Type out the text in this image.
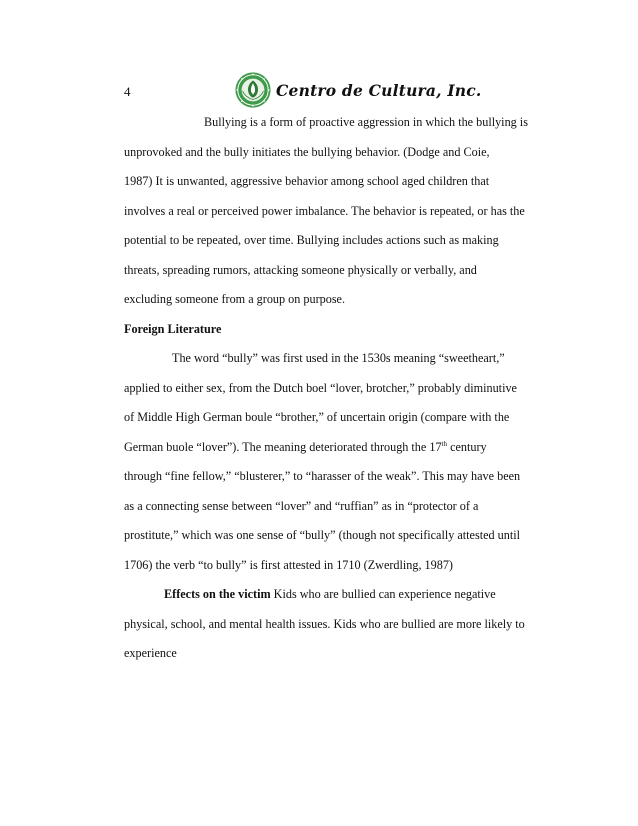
4	Centro de Cultura, Inc.
Bullying is a form of proactive aggression in which the bullying is
unprovoked and the bully initiates the bullying behavior. (Dodge and Coie,
1987) It is unwanted, aggressive behavior among school aged children that
involves a real or perceived power imbalance. The behavior is repeated, or has the
potential to be repeated, over time. Bullying includes actions such as making
threats, spreading rumors, attacking someone physically or verbally, and
excluding someone from a group on purpose.
Foreign Literature
The word “bully” was first used in the 1530s meaning “sweetheart,”
applied to either sex, from the Dutch boel “lover, brotcher,” probably diminutive
of Middle High German boule “brother,” of uncertain origin (compare with the
German buole “lover”). The meaning deteriorated through the 17th century
through “fine fellow,” “blusterer,” to “harasser of the weak”. This may have been
as a connecting sense between “lover” and “ruffian” as in “protector of a
prostitute,” which was one sense of “bully” (though not specifically attested until
1706) the verb “to bully” is first attested in 1710 (Zwerdling, 1987)
Effects on the victim Kids who are bullied can experience negative
physical, school, and mental health issues. Kids who are bullied are more likely to
experience
